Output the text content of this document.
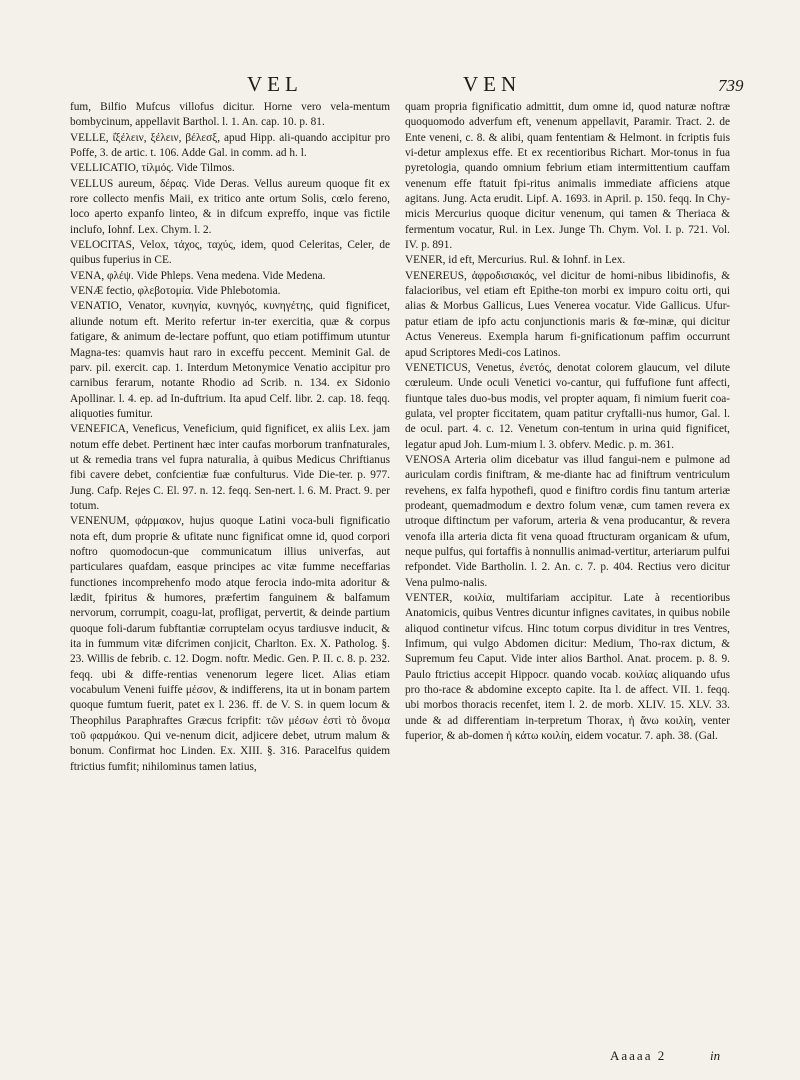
VEL	VEN	739

fum, Bilfio Mufcus villofus dicitur. Horne vero vela-mentum bombycinum, appellavit Barthol. l. 1. An. cap. 10. p. 81.

VELLE, ἰ̓ξέλειν, ξέλειν, βέλεσξ, apud Hipp. ali-quando accipitur pro Poffe, 3. de artic. t. 106. Adde Gal. in comm. ad h. l.

VELLICATIO, τίλμός. Vide Tilmos.

VELLUS aureum, δέρας. Vide Deras. Vellus aureum quoque fit ex rore collecto menfis Maii, ex tritico ante ortum Solis, cœlo fereno, loco aperto expanfo linteo, & in difcum expreffo, inque vas fictile inclufo, Iohnf. Lex. Chym. l. 2.

VELOCITAS, Velox, τάχος, ταχύς, idem, quod Celeritas, Celer, de quibus fuperius in CE.

VENA, φλέψ. Vide Phleps. Vena medena. Vide Medena.

VENÆ fectio, φλεβοτομία. Vide Phlebotomia.

VENATIO, Venator, κυνηγία, κυνηγός, κυνηγέτης, quid fignificet, aliunde notum eft. Merito refertur in-ter exercitia, quæ & corpus fatigare, & animum de-lectare poffunt, quo etiam potiffimum utuntur Magna-tes: quamvis haut raro in exceffu peccent. Meminit Gal. de parv. pil. exercit. cap. 1. Interdum Metonymice Venatio accipitur pro carnibus ferarum, notante Rhodio ad Scrib. n. 134. ex Sidonio Apollinar. l. 4. ep. ad In-duftrium. Ita apud Celf. libr. 2. cap. 18. feqq. aliquoties fumitur.

VENEFICA, Veneficus, Veneficium, quid fignificet, ex aliis Lex. jam notum effe debet. Pertinent hæc inter caufas morborum tranfnaturales, ut & remedia trans vel fupra naturalia, à quibus Medicus Chriftianus fibi cavere debet, confcientiæ fuæ confulturus. Vide Die-ter. p. 977. Jung. Cafp. Rejes C. El. 97. n. 12. feqq. Sen-nert. l. 6. M. Pract. 9. per totum.

VENENUM, φάρμακον, hujus quoque Latini voca-buli fignificatio nota eft, dum proprie & ufitate nunc fignificat omne id, quod corpori noftro quomodocun-que communicatum illius univerfas, aut particulares quafdam, easque principes ac vitæ fumme neceffarias functiones incomprehenfo modo atque ferocia indo-mita adoritur & lædit, fpiritus & humores, præfertim fanguinem & balfamum nervorum, corrumpit, coagu-lat, profligat, pervertit, & deinde partium quoque foli-darum fubftantiæ corruptelam ocyus tardiusve inducit, & ita in fummum vitæ difcrimen conjicit, Charlton. Ex. X. Patholog. §. 23. Willis de febrib. c. 12. Dogm. noftr. Medic. Gen. P. II. c. 8. p. 232. feqq. ubi & diffe-rentias venenorum legere licet. Alias etiam vocabulum Veneni fuiffe μέσον, & indifferens, ita ut in bonam partem quoque fumtum fuerit, patet ex l. 236. ff. de V. S. in quem locum & Theophilus Paraphraftes Græcus fcripfit: τῶν μέσων ἐστὶ τὸ ὄνομα τοῦ φαρμάκου. Qui ve-nenum dicit, adjicere debet, utrum malum & bonum. Confirmat hoc Linden. Ex. XIII. §. 316. Paracelfus quidem ftrictius fumfit; nihilominus tamen latius,

quam propria fignificatio admittit, dum omne id, quod naturæ noftræ quoquomodo adverfum eft, venenum appellavit, Paramir. Tract. 2. de Ente veneni, c. 8. & alibi, quam fententiam & Helmont. in fcriptis fuis vi-detur amplexus effe. Et ex recentioribus Richart. Mor-tonus in fua pyretologia, quando omnium febrium etiam intermittentium cauffam venenum effe ftatuit fpi-ritus animalis immediate afficiens atque agitans. Jung. Acta erudit. Lipf. A. 1693. in April. p. 150. feqq. In Chy-micis Mercurius quoque dicitur venenum, qui tamen & Theriaca & fermentum vocatur, Rul. in Lex. Junge Th. Chym. Vol. I. p. 721. Vol. IV. p. 891.

VENER, id eft, Mercurius. Rul. & Iohnf. in Lex.

VENEREUS, ἀφροδισιακός, vel dicitur de homi-nibus libidinofis, & falacioribus, vel etiam eft Epithe-ton morbi ex impuro coitu orti, qui alias & Morbus Gallicus, Lues Venerea vocatur. Vide Gallicus. Ufur-patur etiam de ipfo actu conjunctionis maris & fœ-minæ, qui dicitur Actus Venereus. Exempla harum fi-gnificationum paffim occurrunt apud Scriptores Medi-cos Latinos.

VENETICUS, Venetus, ἐνετός, denotat colorem glaucum, vel dilute cœruleum. Unde oculi Venetici vo-cantur, qui fuffufione funt affecti, fiuntque tales duo-bus modis, vel propter aquam, fi nimium fuerit coa-gulata, vel propter ficcitatem, quam patitur cryftalli-nus humor, Gal. l. de ocul. part. 4. c. 12. Venetum con-tentum in urina quid fignificet, legatur apud Joh. Lum-mium l. 3. obferv. Medic. p. m. 361.

VENOSA Arteria olim dicebatur vas illud fangui-nem e pulmone ad auriculam cordis finiftram, & me-diante hac ad finiftrum ventriculum revehens, ex falfa hypothefi, quod e finiftro cordis finu tantum arteriæ prodeant, quemadmodum e dextro folum venæ, cum tamen revera ex utroque diftinctum per vaforum, arteria & vena producantur, & revera venofa illa arteria dicta fit vena quoad ftructuram organicam & ufum, neque pulfus, qui fortaffis à nonnullis animad-vertitur, arteriarum pulfui refpondet. Vide Bartholin. l. 2. An. c. 7. p. 404. Rectius vero dicitur Vena pulmo-nalis.

VENTER, κοιλία, multifariam accipitur. Late à recentioribus Anatomicis, quibus Ventres dicuntur infignes cavitates, in quibus nobile aliquod continetur vifcus. Hinc totum corpus dividitur in tres Ventres, Infimum, qui vulgo Abdomen dicitur: Medium, Tho-rax dictum, & Supremum feu Caput. Vide inter alios Barthol. Anat. procem. p. 8. 9. Paulo ftrictius accepit Hippocr. quando vocab. κοιλίας aliquando ufus pro tho-race & abdomine excepto capite. Ita l. de affect. VII. 1. feqq. ubi morbos thoracis recenfet, item l. 2. de morb. XLIV. 15. XLV. 33. unde & ad differentiam in-terpretum Thorax, ἡ ἄνω κοιλίη, venter fuperior, & ab-domen ἡ κάτω κοιλίη, eidem vocatur. 7. aph. 38. (Gal.

Aaaaa 2	in
